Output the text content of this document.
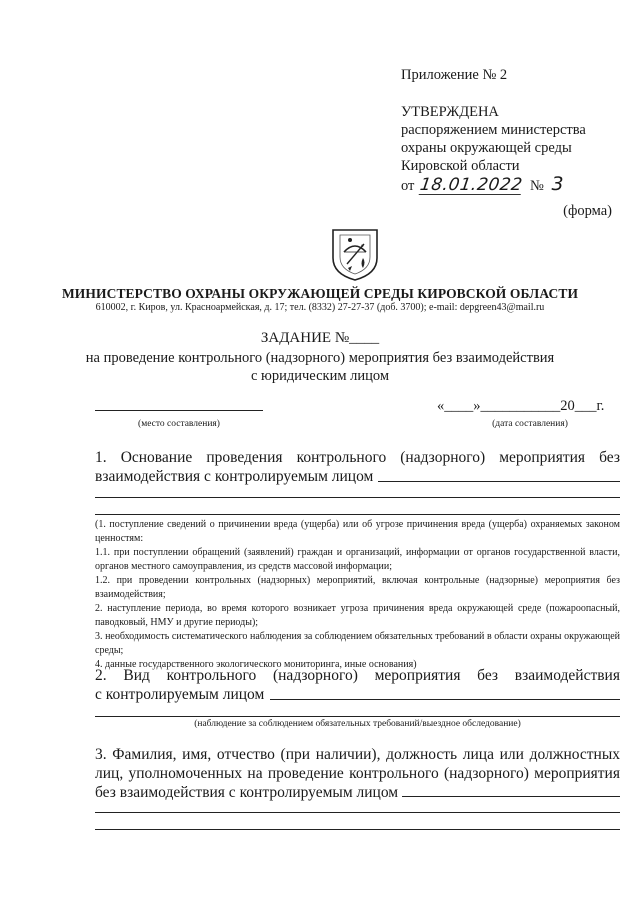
Приложение № 2
УТВЕРЖДЕНА
распоряжением министерства
охраны окружающей среды
Кировской области
от 18.01.2022 № 3
(форма)
МИНИСТЕРСТВО ОХРАНЫ ОКРУЖАЮЩЕЙ СРЕДЫ КИРОВСКОЙ ОБЛАСТИ
610002, г. Киров, ул. Красноармейская, д. 17; тел. (8332) 27-27-37 (доб. 3700); e-mail: depgreen43@mail.ru
ЗАДАНИЕ №____
на проведение контрольного (надзорного) мероприятия без взаимодействия
с юридическим лицом
(место составления)
«____»___________20___г.
(дата составления)
1. Основание проведения контрольного (надзорного) мероприятия без
взаимодействия с контролируемым лицом
(1. поступление сведений о причинении вреда (ущерба) или об угрозе причинения вреда (ущерба) охраняемых законом ценностям:
1.1. при поступлении обращений (заявлений) граждан и организаций, информации от органов государственной власти, органов местного самоуправления, из средств массовой информации;
1.2. при проведении контрольных (надзорных) мероприятий, включая контрольные (надзорные) мероприятия без взаимодействия;
2. наступление периода, во время которого возникает угроза причинения вреда окружающей среде (пожароопасный, паводковый, НМУ и другие периоды);
3. необходимость систематического наблюдения за соблюдением обязательных требований в области охраны окружающей среды;
4. данные государственного экологического мониторинга, иные основания)
2. Вид контрольного (надзорного) мероприятия без взаимодействия
с контролируемым лицом
(наблюдение за соблюдением обязательных требований/выездное обследование)
3. Фамилия, имя, отчество (при наличии), должность лица или должностных
лиц, уполномоченных на проведение контрольного (надзорного) мероприятия
без взаимодействия с контролируемым лицом
